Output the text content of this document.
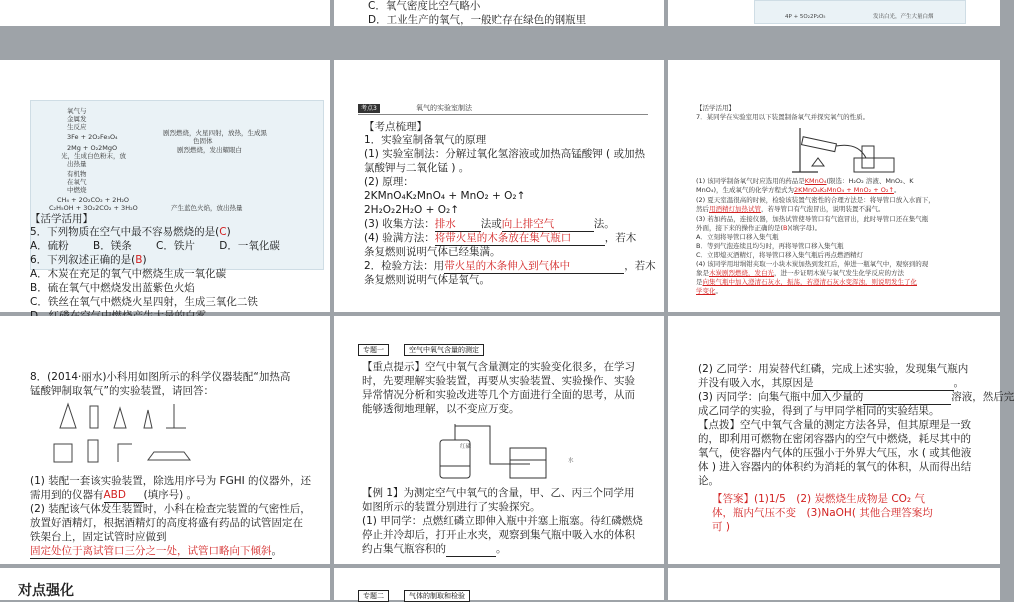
C．氧气密度比空气略小
D．工业生产的氧气，一般贮存在绿色的钢瓶里	4P + 5O₂2P₂O₅	发出白光，产生大量白烟
氧气与
金属发
生反应
3Fe + 2O₂Fe₃O₄
2Mg + O₂2MgO
光，生成白色粉末，放
出热量
有机物
在氧气
中燃烧
CH₄ + 2O₂CO₂ + 2H₂O
C₂H₅OH + 3O₂2CO₂ + 3H₂O
剧烈燃烧，火星四射，放热，生成黑
色固体
剧烈燃烧，发出耀眼白
产生蓝色火焰，放出热量
【活学活用】
5．下列物质在空气中最不容易燃烧的是(C)
A．硫粉　　 B．镁条　　 C．铁片　　 D．一氧化碳
6．下列叙述正确的是(B)
A．木炭在充足的氧气中燃烧生成一氧化碳
B．硫在氧气中燃烧发出蓝紫色火焰
C．铁丝在氧气中燃烧火星四射，生成三氧化二铁
考点3	氧气的实验室制法
【考点梳理】
1．实验室制备氧气的原理
(1) 实验室制法：分解过氧化氢溶液或加热高锰酸钾 ( 或加热
氯酸钾与二氧化锰 ) 。
(2) 原理：
2KMnO₄K₂MnO₄ + MnO₂ + O₂↑
2H₂O₂2H₂O + O₂↑
(3) 收集方法：排水 法或向上排空气	法。
(4) 验满方法：将带火星的木条放在集气瓶口	，若木
条复燃则说明气体已经集满。
2．检验方法：用带火星的木条伸入到气体中	，若木
条复燃则说明气体是氧气。
【活学活用】
7．某同学在实验室用以下装置制备氧气并探究氧气的性质。
(1) 该同学制备氧气时应选用的药品是KMnO₄(限选：H₂O₂ 溶液、MnO₂、K
MnO₄)，生成氧气的化学方程式为2KMnO₄K₂MnO₄ + MnO₂ + O₂↑。
(2) 夏天室温很高的时候，检验该装置气密性的合理方法是：将导管口放入水面下，
然后用酒精灯加热试管，若导管口有气泡冒出，说明装置不漏气。
(3) 若加药品，连接仪器，加热试管使导管口有气泡冒出，此时导管口还在集气瓶
外面，接下来的操作正确的是(B)(填字母)。
A．立刻将导管口移入集气瓶
B．等到气泡连续且均匀时，再将导管口移入集气瓶
C．立即熄灭酒精灯，将导管口移入集气瓶后再点燃酒精灯
(4) 该同学用坩埚钳夹取一小块木炭加热到发红后，伸进一瓶氧气中，观察到的现
象是木炭剧烈燃烧，发白光，进一步证明木炭与氧气发生化学反应的方法
是向集气瓶中加入澄清石灰水，振荡，若澄清石灰水变浑浊，则说明发生了化
学变化。
8．(2014·丽水)小科用如图所示的科学仪器装配“加热高
锰酸钾制取氧气”的实验装置，请回答：
(1) 装配一套该实验装置，除选用序号为 FGHI 的仪器外，还
需用到的仪器有ABD (填序号) 。
(2) 装配该气体发生装置时，小科在检查完装置的气密性后，
放置好酒精灯，根据酒精灯的高度将盛有药品的试管固定在
铁架台上，固定试管时应做到
固定处位于离试管口三分之一处，试管口略向下倾斜。
专题一	空气中氧气含量的测定
【重点提示】空气中氧气含量测定的实验变化很多，在学习
时，先要理解实验装置，再要从实验装置、实验操作、实验
异常情况分析和实验改进等几个方面进行全面的思考，从而
能够透彻地理解，以不变应万变。
红磷
水
【例 1】为测定空气中氧气的含量，甲、乙、丙三个同学用
如图所示的装置分别进行了实验探究。
(1) 甲同学：点燃红磷立即伸入瓶中并塞上瓶塞。待红磷燃烧
停止并冷却后，打开止水夹，观察到集气瓶中吸入水的体积
约占集气瓶容积的	。
(2) 乙同学：用炭替代红磷，完成上述实验，发现集气瓶内
并没有吸入水，其原因是	。
(3) 丙同学：向集气瓶中加入少量的	溶液，然后完
成乙同学的实验，得到了与甲同学相同的实验结果。
【点拨】空气中氧气含量的测定方法各异，但其原理是一致
的，即利用可燃物在密闭容器内的空气中燃烧，耗尽其中的
氧气，使容器内气体的压强小于外界大气压，水 ( 或其他液
体 ) 进入容器内的体积约为消耗的氧气的体积，从而得出结
论。
【答案】(1)1/5　(2) 炭燃烧生成物是 CO₂ 气
体，瓶内气压不变　(3)NaOH( 其他合理答案均
可 )
对点强化	专题二	气体的制取和检验
